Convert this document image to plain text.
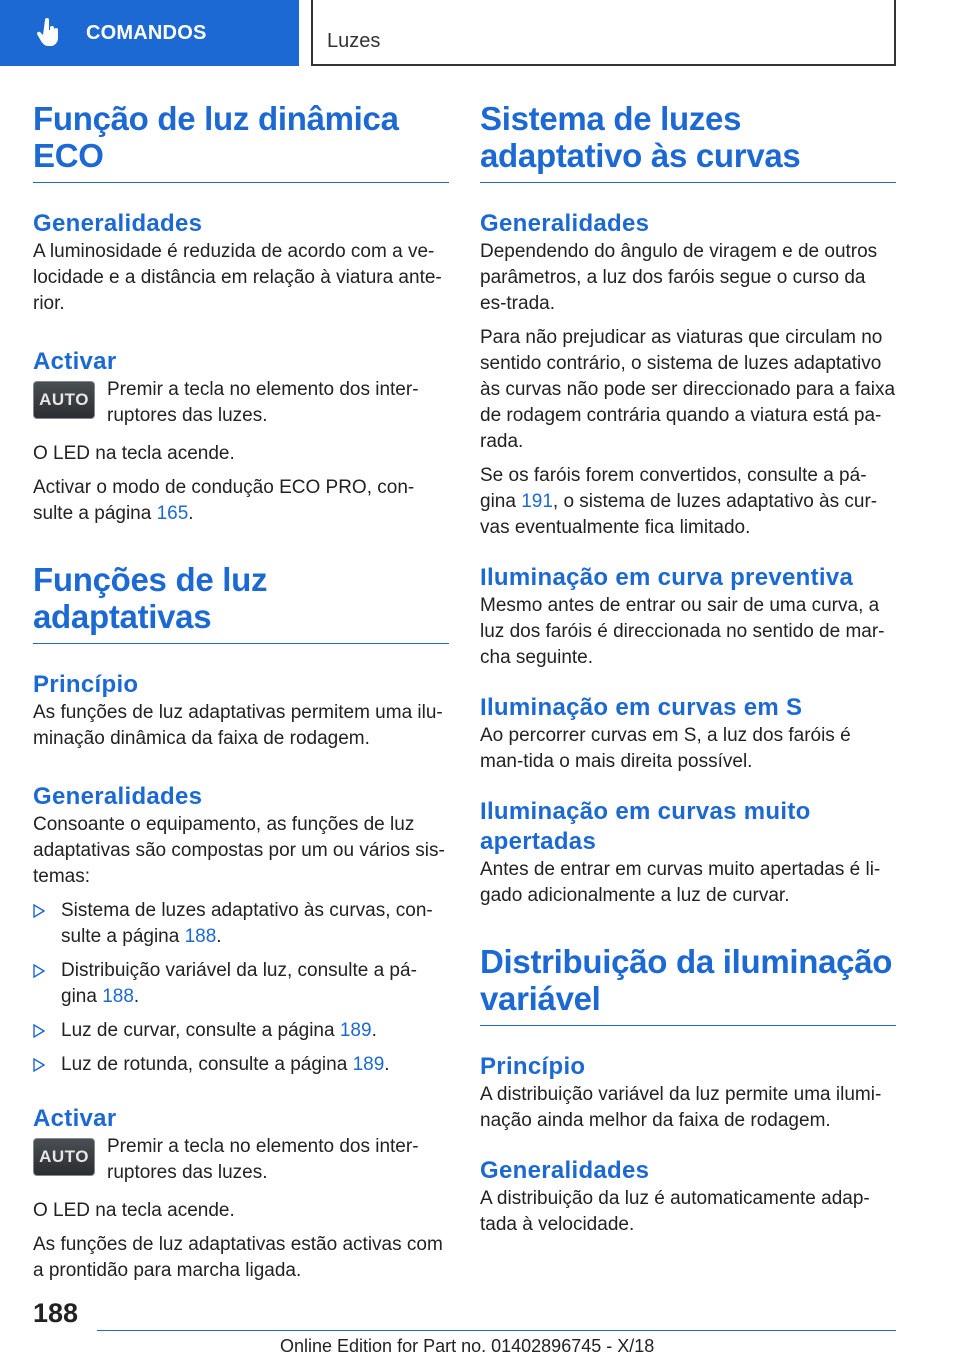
COMANDOS	Luzes
Função de luz dinâmica ECO
Generalidades

A luminosidade é reduzida de acordo com a ve-locidade e a distância em relação à viatura ante-rior.

Activar
AUTO Premir a tecla no elemento dos inter-ruptores das luzes.

O LED na tecla acende.

Activar o modo de condução ECO PRO, con-sulte a página 165.

Funções de luz adaptativas
Princípio

As funções de luz adaptativas permitem uma ilu-minação dinâmica da faixa de rodagem.

Generalidades

Consoante o equipamento, as funções de luz adaptativas são compostas por um ou vários sis-temas:

Sistema de luzes adaptativo às curvas, con-sulte a página 188.
Distribuição variável da luz, consulte a pá-gina 188.
Luz de curvar, consulte a página 189.
Luz de rotunda, consulte a página 189.
Activar
AUTO Premir a tecla no elemento dos inter-ruptores das luzes.

O LED na tecla acende.

As funções de luz adaptativas estão activas com a prontidão para marcha ligada.

Sistema de luzes adaptativo às curvas
Generalidades

Dependendo do ângulo de viragem e de outros parâmetros, a luz dos faróis segue o curso da es-trada.

Para não prejudicar as viaturas que circulam no sentido contrário, o sistema de luzes adaptativo às curvas não pode ser direccionado para a faixa de rodagem contrária quando a viatura está pa-rada.

Se os faróis forem convertidos, consulte a pá-gina 191, o sistema de luzes adaptativo às cur-vas eventualmente fica limitado.

Iluminação em curva preventiva

Mesmo antes de entrar ou sair de uma curva, a luz dos faróis é direccionada no sentido de mar-cha seguinte.

Iluminação em curvas em S

Ao percorrer curvas em S, a luz dos faróis é man-tida o mais direita possível.

Iluminação em curvas muito apertadas

Antes de entrar em curvas muito apertadas é li-gado adicionalmente a luz de curvar.

Distribuição da iluminação variável
Princípio

A distribuição variável da luz permite uma ilumi-nação ainda melhor da faixa de rodagem.

Generalidades

A distribuição da luz é automaticamente adap-tada à velocidade.

188
Online Edition for Part no. 01402896745 - X/18
